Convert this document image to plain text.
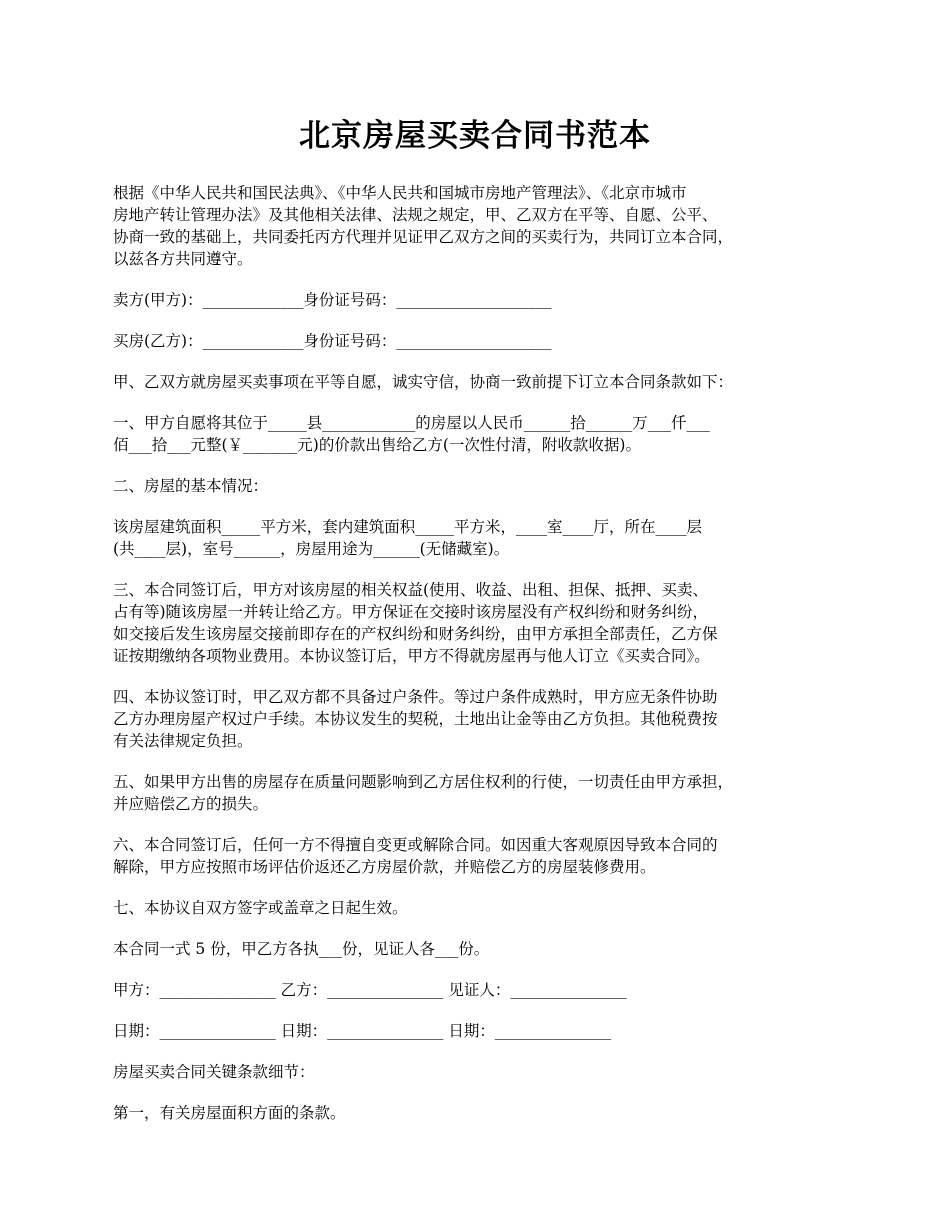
北京房屋买卖合同书范本

根据《中华人民共和国民法典》、《中华人民共和国城市房地产管理法》、《北京市城市
房地产转让管理办法》及其他相关法律、法规之规定，甲、乙双方在平等、自愿、公平、
协商一致的基础上，共同委托丙方代理并见证甲乙双方之间的买卖行为，共同订立本合同，
以兹各方共同遵守。

卖方(甲方)：_____________身份证号码：____________________

买房(乙方)：_____________身份证号码：____________________

甲、乙双方就房屋买卖事项在平等自愿，诚实守信，协商一致前提下订立本合同条款如下：

一、甲方自愿将其位于_____县____________的房屋以人民币______拾______万___仟___
佰___拾___元整(￥_______元)的价款出售给乙方(一次性付清，附收款收据)。

二、房屋的基本情况：

该房屋建筑面积_____平方米，套内建筑面积_____平方米，____室____厅，所在____层
(共____层)，室号______，房屋用途为______(无储藏室)。

三、本合同签订后，甲方对该房屋的相关权益(使用、收益、出租、担保、抵押、买卖、
占有等)随该房屋一并转让给乙方。甲方保证在交接时该房屋没有产权纠纷和财务纠纷，
如交接后发生该房屋交接前即存在的产权纠纷和财务纠纷，由甲方承担全部责任，乙方保
证按期缴纳各项物业费用。本协议签订后，甲方不得就房屋再与他人订立《买卖合同》。

四、本协议签订时，甲乙双方都不具备过户条件。等过户条件成熟时，甲方应无条件协助
乙方办理房屋产权过户手续。本协议发生的契税，土地出让金等由乙方负担。其他税费按
有关法律规定负担。

五、如果甲方出售的房屋存在质量问题影响到乙方居住权利的行使，一切责任由甲方承担，
并应赔偿乙方的损失。

六、本合同签订后，任何一方不得擅自变更或解除合同。如因重大客观原因导致本合同的
解除，甲方应按照市场评估价返还乙方房屋价款，并赔偿乙方的房屋装修费用。

七、本协议自双方签字或盖章之日起生效。

本合同一式 5 份，甲乙方各执___份，见证人各___份。

甲方：_______________ 乙方：_______________ 见证人：_______________

日期：_______________ 日期：_______________ 日期：_______________

房屋买卖合同关键条款细节：

第一，有关房屋面积方面的条款。
